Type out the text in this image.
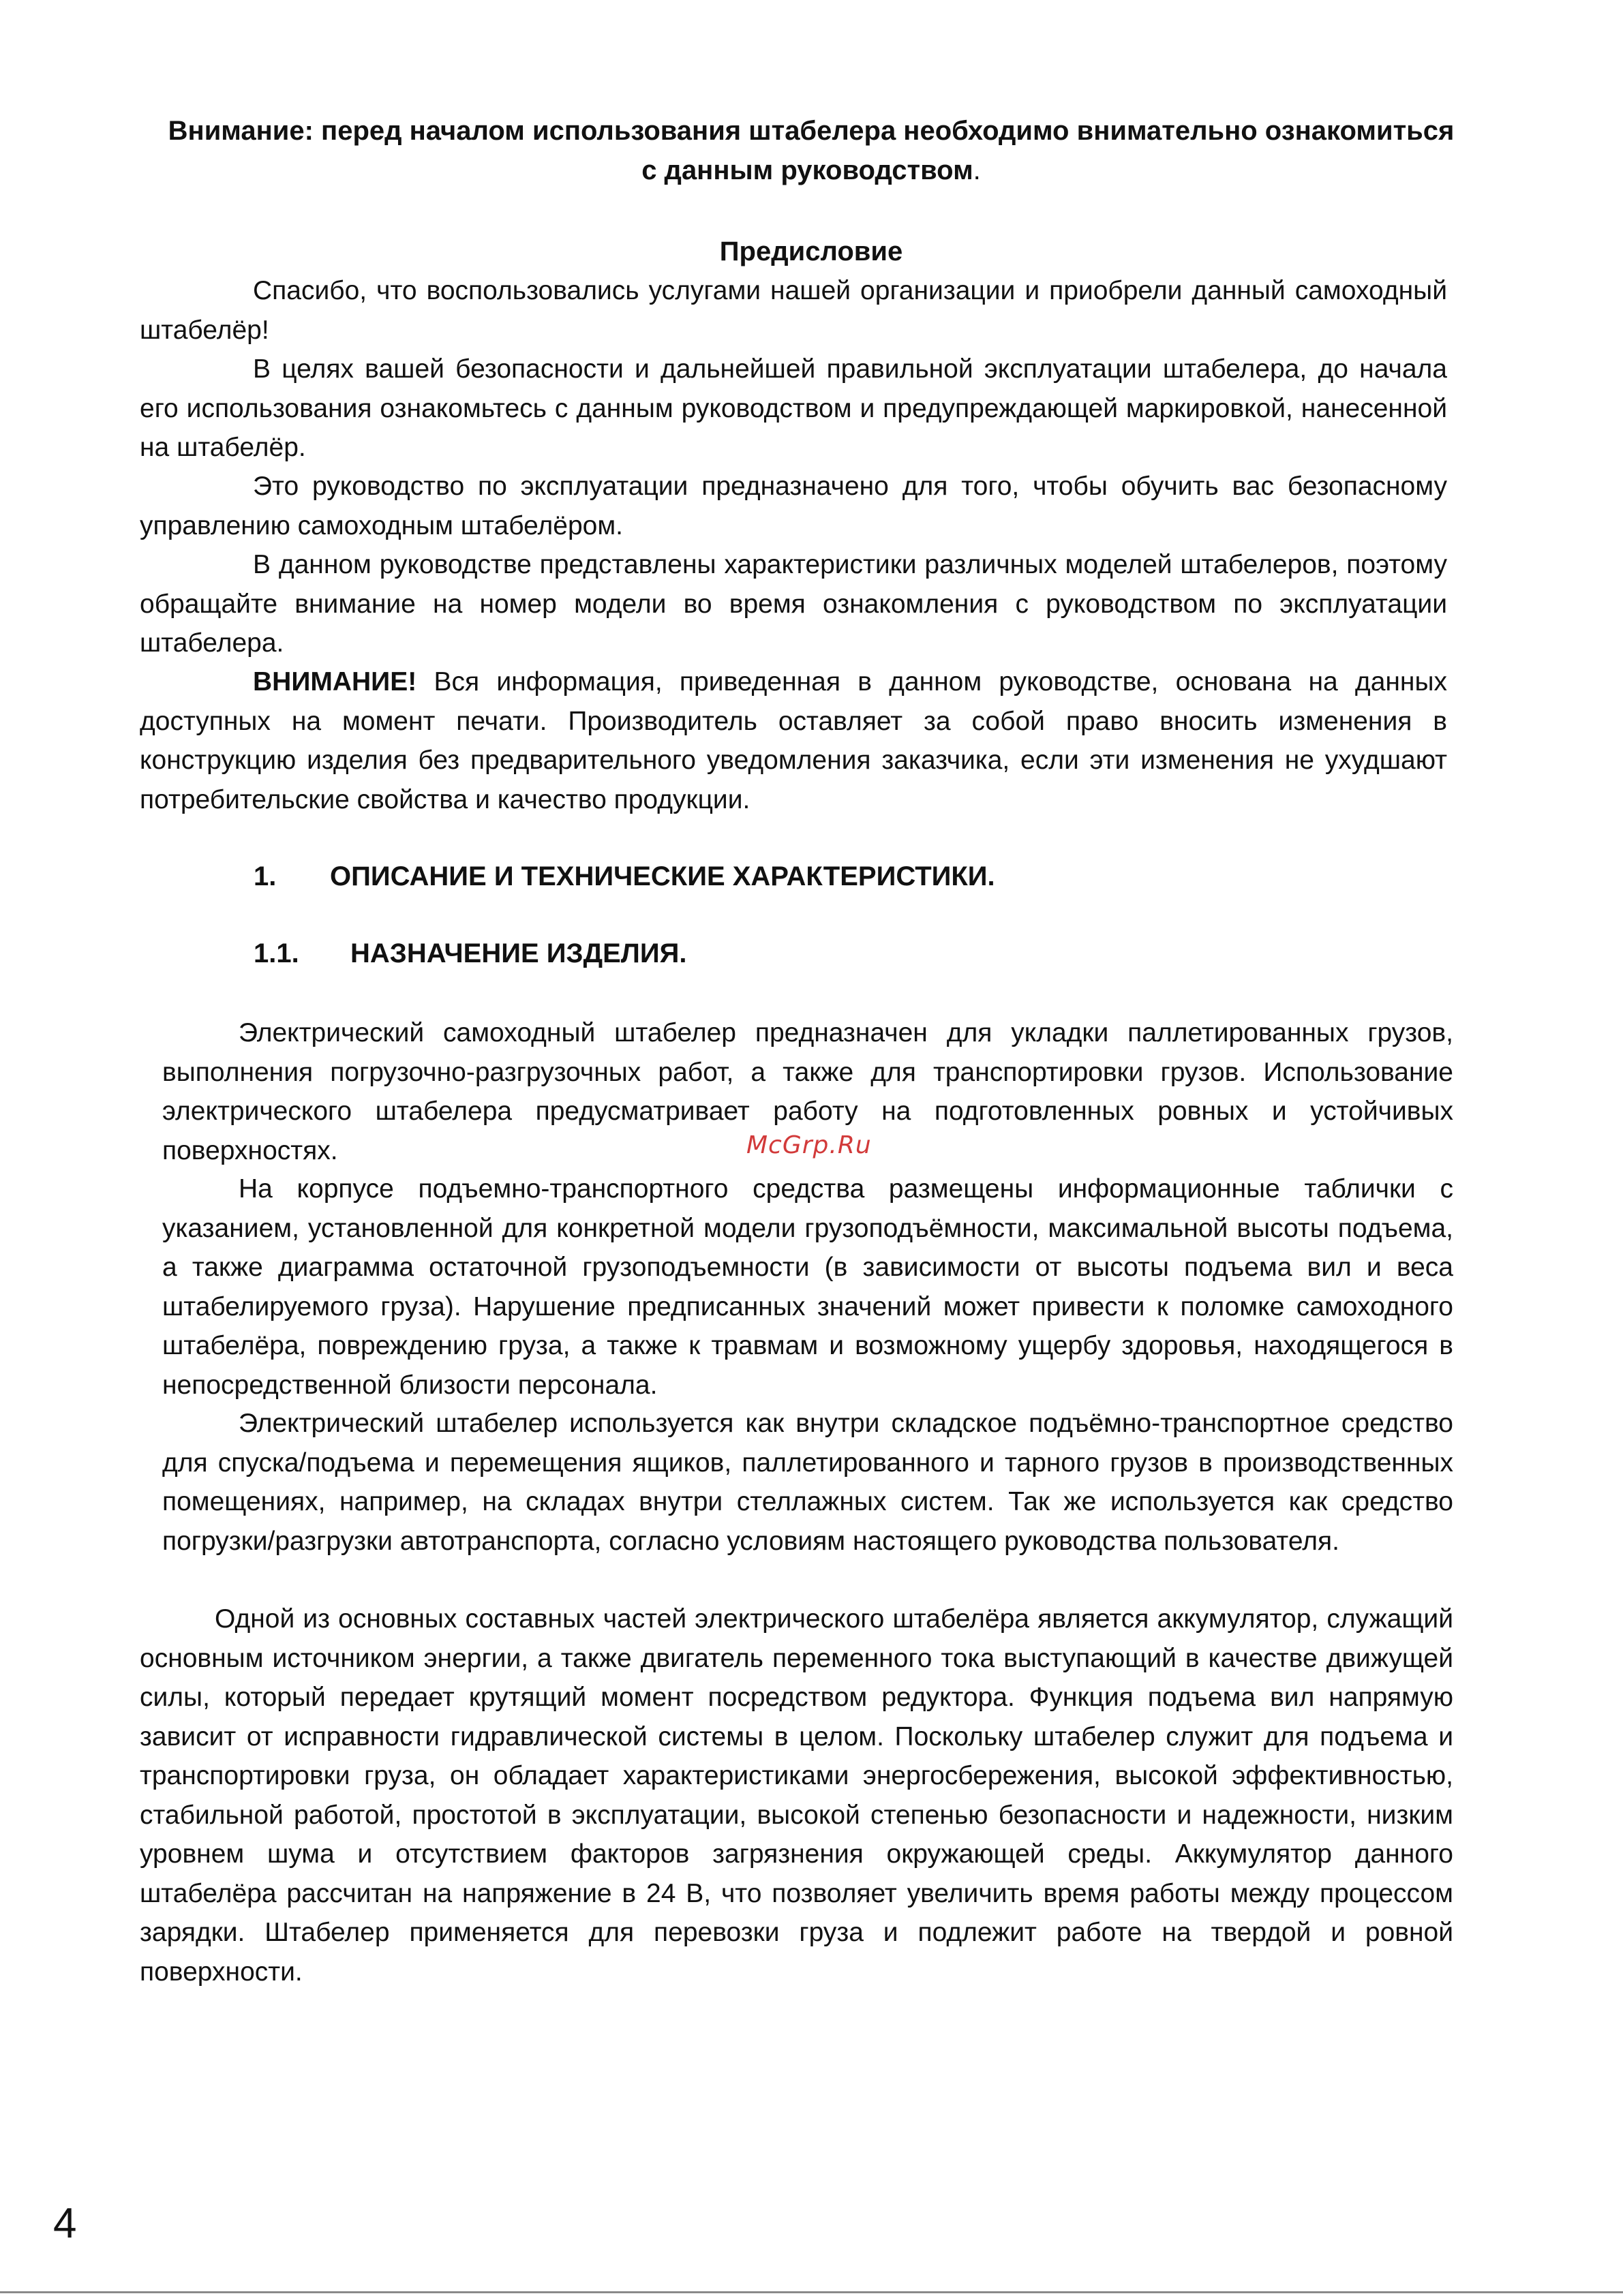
Внимание: перед началом использования штабелера необходимо внимательно ознакомиться
с данным руководством.
Предисловие

Спасибо, что воспользовались услугами нашей организации и приобрели данный самоходный штабелёр!

В целях вашей безопасности и дальнейшей правильной эксплуатации штабелера, до начала его использования ознакомьтесь с данным руководством и предупреждающей маркировкой, нанесенной на штабелёр.

Это руководство по эксплуатации предназначено для того, чтобы обучить вас безопасному управлению самоходным штабелёром.

В данном руководстве представлены характеристики различных моделей штабелеров, поэтому обращайте внимание на номер модели во время ознакомления с руководством по эксплуатации штабелера.

ВНИМАНИЕ! Вся информация, приведенная в данном руководстве, основана на данных доступных на момент печати. Производитель оставляет за собой право вносить изменения в конструкцию изделия без предварительного уведомления заказчика, если эти изменения не ухудшают потребительские свойства и качество продукции.

1. ОПИСАНИЕ И ТЕХНИЧЕСКИЕ ХАРАКТЕРИСТИКИ.
1.1. НАЗНАЧЕНИЕ ИЗДЕЛИЯ.

Электрический самоходный штабелер предназначен для укладки паллетированных грузов, выполнения погрузочно-разгрузочных работ, а также для транспортировки грузов. Использование электрического штабелера предусматривает работу на подготовленных ровных и устойчивых поверхностях.	McGrp.Ru

На корпусе подъемно-транспортного средства размещены информационные таблички с указанием, установленной для конкретной модели грузоподъёмности, максимальной высоты подъема, а также диаграмма остаточной грузоподъемности (в зависимости от высоты подъема вил и веса штабелируемого груза). Нарушение предписанных значений может привести к поломке самоходного штабелёра, повреждению груза, а также к травмам и возможному ущербу здоровья, находящегося в непосредственной близости персонала.

Электрический штабелер используется как внутри складское подъёмно-транспортное средство для спуска/подъема и перемещения ящиков, паллетированного и тарного грузов в производственных помещениях, например, на складах внутри стеллажных систем. Так же используется как средство погрузки/разгрузки автотранспорта, согласно условиям настоящего руководства пользователя.

Одной из основных составных частей электрического штабелёра является аккумулятор, служащий основным источником энергии, а также двигатель переменного тока выступающий в качестве движущей силы, который передает крутящий момент посредством редуктора. Функция подъема вил напрямую зависит от исправности гидравлической системы в целом. Поскольку штабелер служит для подъема и транспортировки груза, он обладает характеристиками энергосбережения, высокой эффективностью, стабильной работой, простотой в эксплуатации, высокой степенью безопасности и надежности, низким уровнем шума и отсутствием факторов загрязнения окружающей среды. Аккумулятор данного штабелёра рассчитан на напряжение в 24 В, что позволяет увеличить время работы между процессом зарядки. Штабелер применяется для перевозки груза и подлежит работе на твердой и ровной поверхности.

4
